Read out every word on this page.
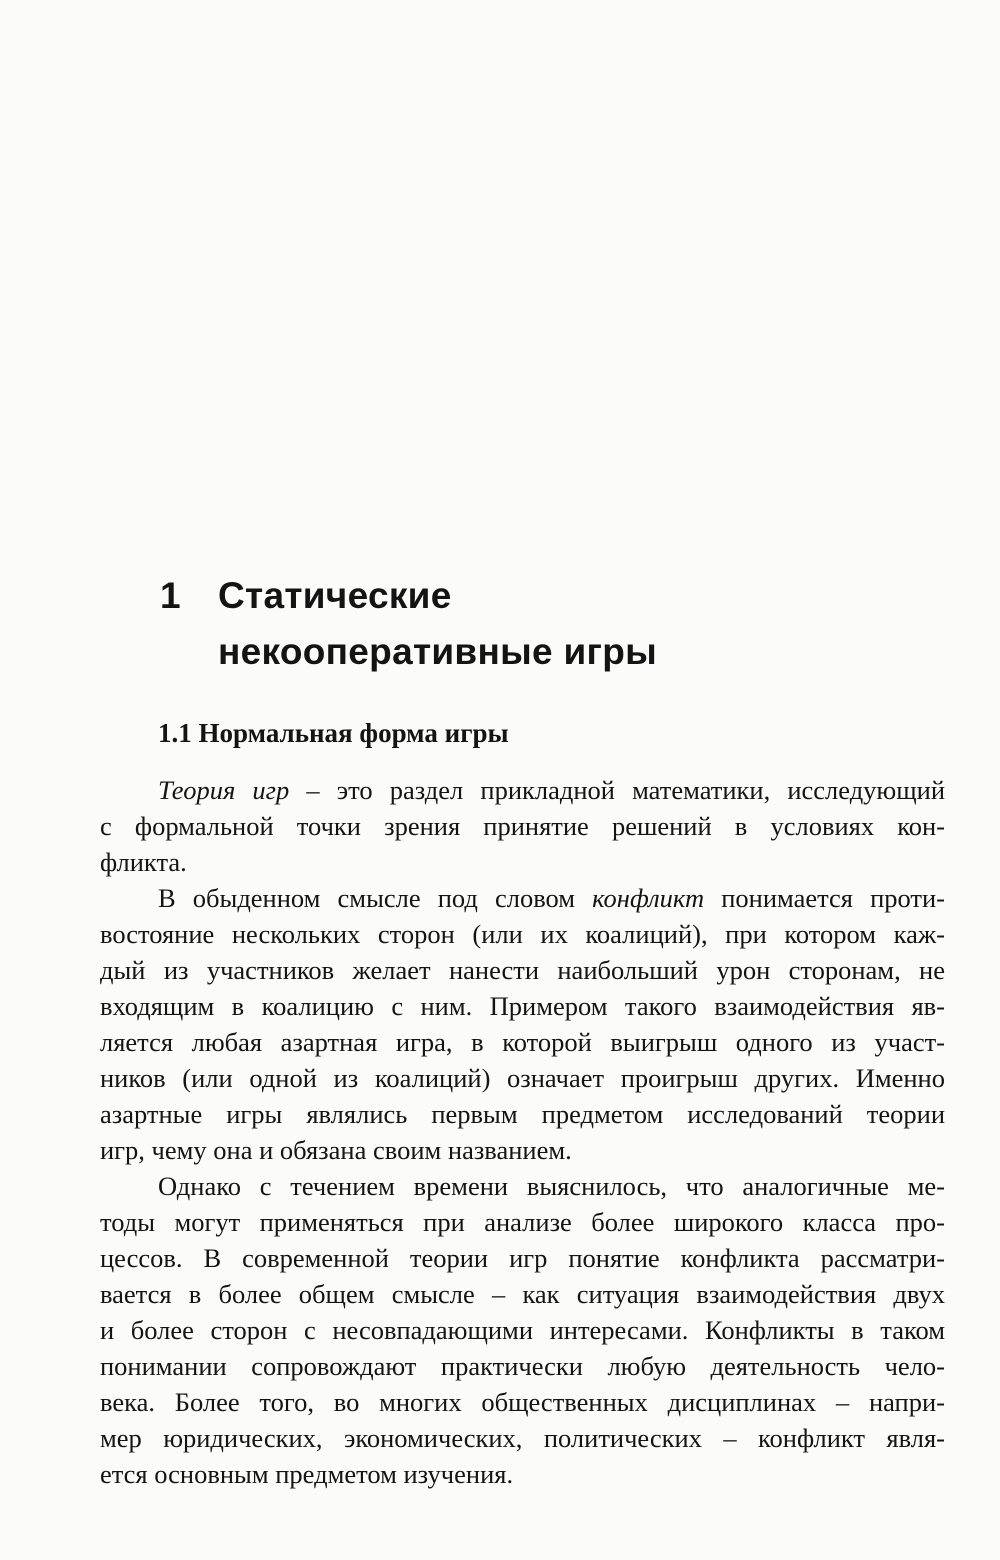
1 Статические
некооперативные игры
1.1 Нормальная форма игры
Теория игр – это раздел прикладной математики, исследующий
с формальной точки зрения принятие решений в условиях кон-
фликта.
В обыденном смысле под словом конфликт понимается проти-
востояние нескольких сторон (или их коалиций), при котором каж-
дый из участников желает нанести наибольший урон сторонам, не
входящим в коалицию с ним. Примером такого взаимодействия яв-
ляется любая азартная игра, в которой выигрыш одного из участ-
ников (или одной из коалиций) означает проигрыш других. Именно
азартные игры являлись первым предметом исследований теории
игр, чему она и обязана своим названием.
Однако с течением времени выяснилось, что аналогичные ме-
тоды могут применяться при анализе более широкого класса про-
цессов. В современной теории игр понятие конфликта рассматри-
вается в более общем смысле – как ситуация взаимодействия двух
и более сторон с несовпадающими интересами. Конфликты в таком
понимании сопровождают практически любую деятельность чело-
века. Более того, во многих общественных дисциплинах – напри-
мер юридических, экономических, политических – конфликт явля-
ется основным предметом изучения.
